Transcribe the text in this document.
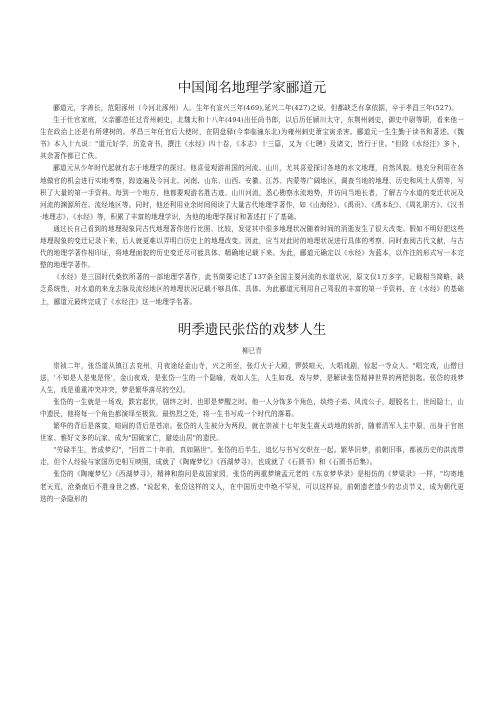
中国闻名地理学家郦道元

郦道元，字善长，范阳涿州（今河北涿州）人。生年有宣兴三年(469),延兴二年(427)之说，但都缺乏有拿依据，卒于孝昌三年(527)。

生于仕官家庭，父亲郦范任过青州刺史，北魏太和十八年(494)出任尚书郎，以后历任颍川太守，东荆州刺史，御史中尉等职，看来他一生在政治上还是有所建树的。孝昌三年任官后大使时，在阴盘驿(今奉临潼东北)为雍州刺史萧宝寅杀害。郦道元一生生勤于读书和著述。《魏书》本入十九说："道元好学，历览奇书，撰注《水经》四十卷，《本志》十三篇，又为《七聘》及诸文，皆行于世。"但除《水经注》多卜，其余著作都已亡佚。

郦道元从少年时代起就有志于地理学的探讨。他喜爱观游祖国的河流、山川，尤其喜爱探讨各地的水文地理，自然风貌。他充分利用在各地做官的机会进行实地考察，踪迹遍及今河北、河南、山东、山西、安徽、江苏、内蒙等广阔地区，调查当地的地理、历史和风土人情等，写积了大量的第一手资料。每到一个地方，他都要观游名胜古迹、山川河流，悉心勘察水流地势，并访问当地长者，了解古今水道的变迁状况及河流的渊源所在、流经地区等。同时，他还利用业余时间阅读了大量古代地理学著作，如《山海经》、《禹贡》、《禹本纪》、《周礼职方》、《汉书·地理志》、《水经》等，积累了丰富的地理学识，为他的地理学探讨和著述打下了基础。

通过长自己看到的地理现象同古代地理著作进行比照、比较，发觉其中很多地理状况随着时间的消逝发生了很大改变。假如不明好把这些地理现象的变迁记录下来，后人就更难以弄明白历史上的地理改变。因此，应当对此时的地理状况进行具体的考察，同时查阅古代文献，与古代的地理学著作相印证，将地理面貌的历史变迁尽可能具体、精确地记载下来。为此，郦道元确定以《水经》为蓝本，以作注的形式写一本完整的地理学著作。

《水经》是三国时代桑钦所著的一部地理学著作，此书简要记述了137条全国主要河流的水道状况，原文仅1万多字，记载相当简略，缺乏系统性，对水道的来龙去脉及流经地区的地理状况记载不够具体、具体。为此郦道元利用自己驾驭的丰富的第一手资料，在《水经》的基础上，郦道元最终完成了《水经注》这一地理学名著。

明季遗民张岱的戏梦人生
柳已青

崇祯二年，张岱道从镇江去兖州，月夜途经金山寺，兴之所至，张灯火于大殿，锣鼓喧天，大唱戏剧，惊起一寺众人。"唱完戏，山僧目送，'不知是人是鬼是怪'，金山夜戏，是张岱一生的一个隐喻，戏如人生，人生如戏。戏与梦，是解读张岱精神世界的两把钥匙。张岱的戏梦人生，戏是重重冲突冲突，梦是繁华落尽的空幻。

张岱的一生就是一场戏，跌宕起伏，剧终之时，也即是梦醒之时。他一人分饰多个角色，纨绔子弟、风流公子，超脱名士，世间隐士，山中遗民，他将每一个角色都演绎至极致。最热烈之处，将一生书写成一个时代的落幕。

繁华的背后是落寞，喧闹的背后是苍凉。张岱的人生被分为两段，就在崇祯十七年发生震天动地的转折，随着清军入主中原，出身于官宦世家、雅好文多的玩家，成为"国破家亡，避迹山居"的遗民。

"劳碌半生，皆成梦幻"，"回首二十年前，真如隔世"。张岱的后半生，追忆与书写交织在一起。繁华旧梦，前朝旧事，都被历史的洪流带走，但个人经验与家国历史相互映照，成就了《陶庵梦忆》《西湖梦寻》，也成就了《石匮书》和《石匮书后集》。

张岱的《陶庵梦忆》《西湖梦寻》，精神和韵问是故国家园，张岱的两重梦境孟元老的《东京梦华录》是相仿的《梦粱录》一样，"均寄地老天荒，沧桑南后不胜身世之感。"说起来，张岱这样的文人，在中国历史中绝不罕见，可以这样说，前朝遗老遗少的忠贞节义，成为朝代更迭的一条隐形的
